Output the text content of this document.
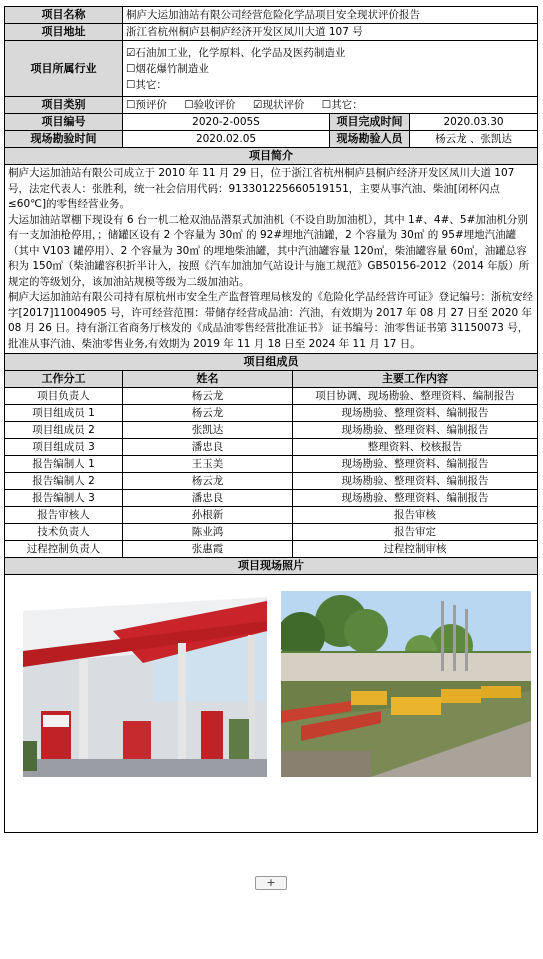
项目名称	桐庐大运加油站有限公司经营危险化学品项目安全现状评价报告			
项目地址	浙江省杭州桐庐县桐庐经济开发区凤川大道 107 号			
项目所属行业	☑石油加工业，化学原料、化学品及医药制造业
☐烟花爆竹制造业
☐其它：			

项目类别	☐预评价 ☐验收评价 ☑现状评价 ☐其它：			
项目编号	2020-2-005S		项目完成时间	2020.03.30
现场勘验时间	2020.02.05		现场勘验人员	杨云龙 、张凯达
项目简介				

桐庐大运加油站有限公司成立于 2010 年 11 月 29 日，位于浙江省杭州桐庐县桐庐经济开发区凤川大道 107 号，法定代表人：张胜利，统一社会信用代码：913301225660519151，主要从事汽油、柴油[闭杯闪点≤60℃]的零售经营业务。
大运加油站罩棚下现设有 6 台一机二枪双油品潜泵式加油机（不设自助加油机），其中 1#、4#、5#加油机分别有一支加油枪停用，；储罐区设有 2 个容量为 30㎥ 的 92#埋地汽油罐，2 个容量为 30㎥ 的 95#埋地汽油罐（其中 V103 罐停用）、2 个容量为 30㎥ 的埋地柴油罐，其中汽油罐容量 120㎥，柴油罐容量 60㎥，油罐总容积为 150㎥（柴油罐容积折半计入，按照《汽车加油加气站设计与施工规范》GB50156-2012（2014 年版）所规定的等级划分，该加油站规模等级为二级加油站。
桐庐大运加油站有限公司持有原杭州市安全生产监督管理局核发的《危险化学品经营许可证》登记编号：浙杭安经字[2017]11004905 号，许可经营范围：带储存经营成品油：汽油，有效期为 2017 年 08 月 27 日至 2020 年 08 月 26 日。持有浙江省商务厅核发的《成品油零售经营批准证书》 证书编号：油零售证书第 31150073 号，批准从事汽油、柴油零售业务,有效期为 2019 年 11 月 18 日至 2024 年 11 月 17 日。				

项目组成员				
工作分工	姓名	主要工作内容		
项目负责人	杨云龙	项目协调、现场勘验、整理资料、编制报告		
项目组成员 1	杨云龙	现场勘验、整理资料、编制报告		
项目组成员 2	张凯达	现场勘验、整理资料、编制报告		
项目组成员 3	潘忠良	整理资料、校核报告		
报告编制人 1	王玉美	现场勘验、整理资料、编制报告		
报告编制人 2	杨云龙	现场勘验、整理资料、编制报告		
报告编制人 3	潘忠良	现场勘验、整理资料、编制报告		
报告审核人	孙根新	报告审核		
技术负责人	陈业鸿	报告审定		
过程控制负责人	张惠霞	过程控制审核		
项目现场照片				

+
